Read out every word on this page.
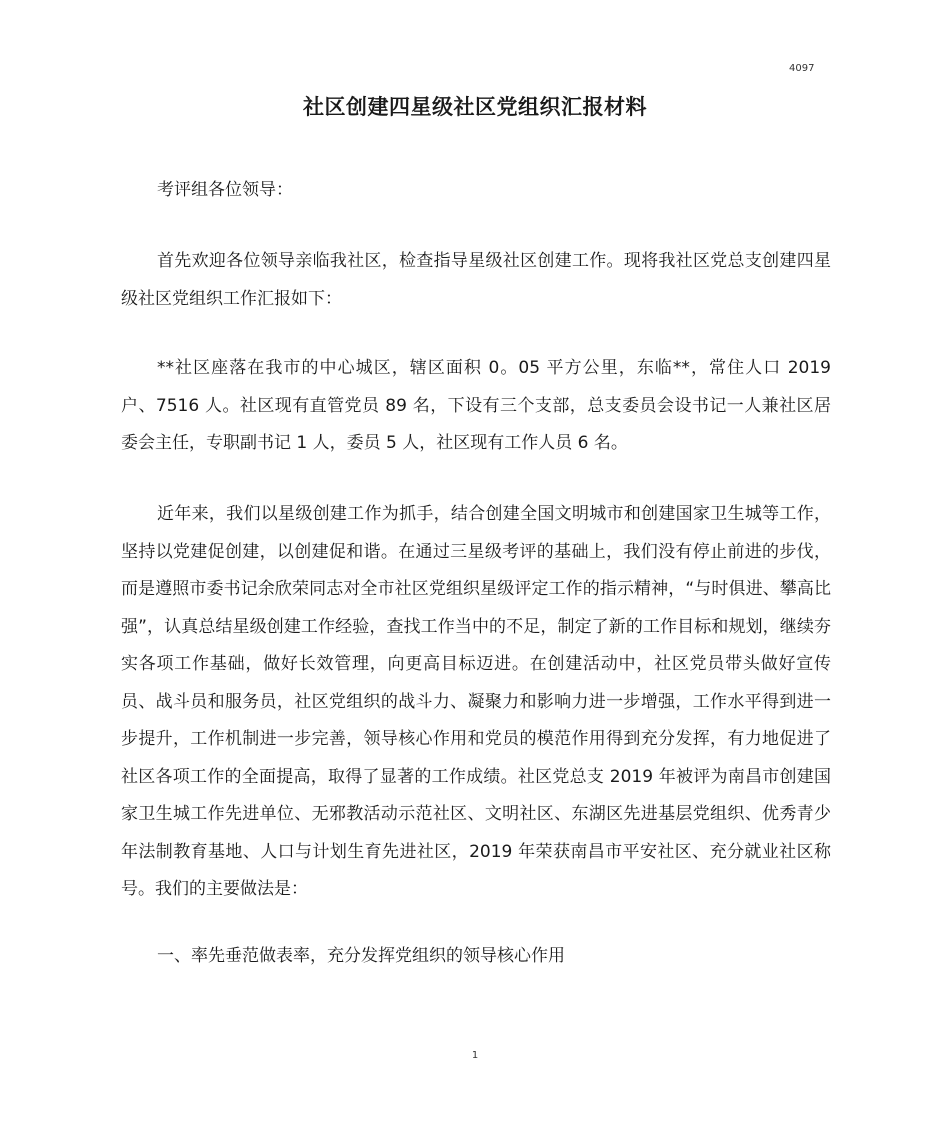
4097
社区创建四星级社区党组织汇报材料

考评组各位领导：

首先欢迎各位领导亲临我社区，检查指导星级社区创建工作。现将我社区党总支创建四星级社区党组织工作汇报如下：

**社区座落在我市的中心城区，辖区面积 0。05 平方公里，东临**，常住人口 2019 户、7516 人。社区现有直管党员 89 名，下设有三个支部，总支委员会设书记一人兼社区居委会主任，专职副书记 1 人，委员 5 人，社区现有工作人员 6 名。

近年来，我们以星级创建工作为抓手，结合创建全国文明城市和创建国家卫生城等工作，坚持以党建促创建，以创建促和谐。在通过三星级考评的基础上，我们没有停止前进的步伐，而是遵照市委书记余欣荣同志对全市社区党组织星级评定工作的指示精神，“与时俱进、攀高比强”，认真总结星级创建工作经验，查找工作当中的不足，制定了新的工作目标和规划，继续夯实各项工作基础，做好长效管理，向更高目标迈进。在创建活动中，社区党员带头做好宣传员、战斗员和服务员，社区党组织的战斗力、凝聚力和影响力进一步增强，工作水平得到进一步提升，工作机制进一步完善，领导核心作用和党员的模范作用得到充分发挥，有力地促进了社区各项工作的全面提高，取得了显著的工作成绩。社区党总支 2019 年被评为南昌市创建国家卫生城工作先进单位、无邪教活动示范社区、文明社区、东湖区先进基层党组织、优秀青少年法制教育基地、人口与计划生育先进社区，2019 年荣获南昌市平安社区、充分就业社区称号。我们的主要做法是：

一、率先垂范做表率，充分发挥党组织的领导核心作用

1
